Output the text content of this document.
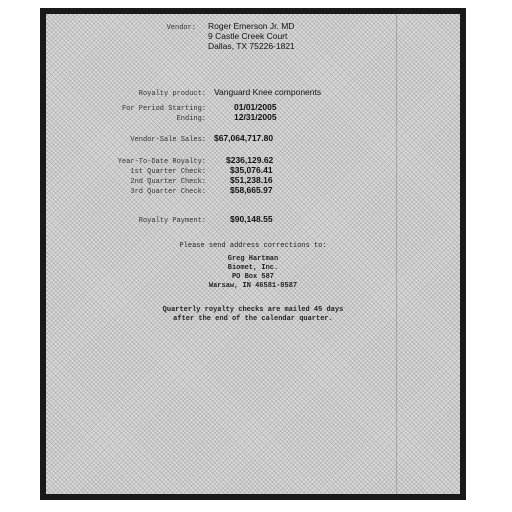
Vendor: Roger Emerson Jr. MD
9 Castle Creek Court
Dallas, TX 75226-1821
Royalty product: Vanguard Knee components
For Period Starting:	01/01/2005
Ending:	12/31/2005
Vendor-Sale Sales: $67,064,717.80
Year-To-Date Royalty: $236,129.62
1st Quarter Check:	$35,076.41
2nd Quarter Check:	$51,238.16
3rd Quarter Check:	$58,665.97
Royalty Payment:	$90,148.55
Please send address corrections to:
Greg Hartman
Biomet, Inc.
PO Box 587
Warsaw, IN 46581-0587
Quarterly royalty checks are mailed 45 days
after the end of the calendar quarter.
